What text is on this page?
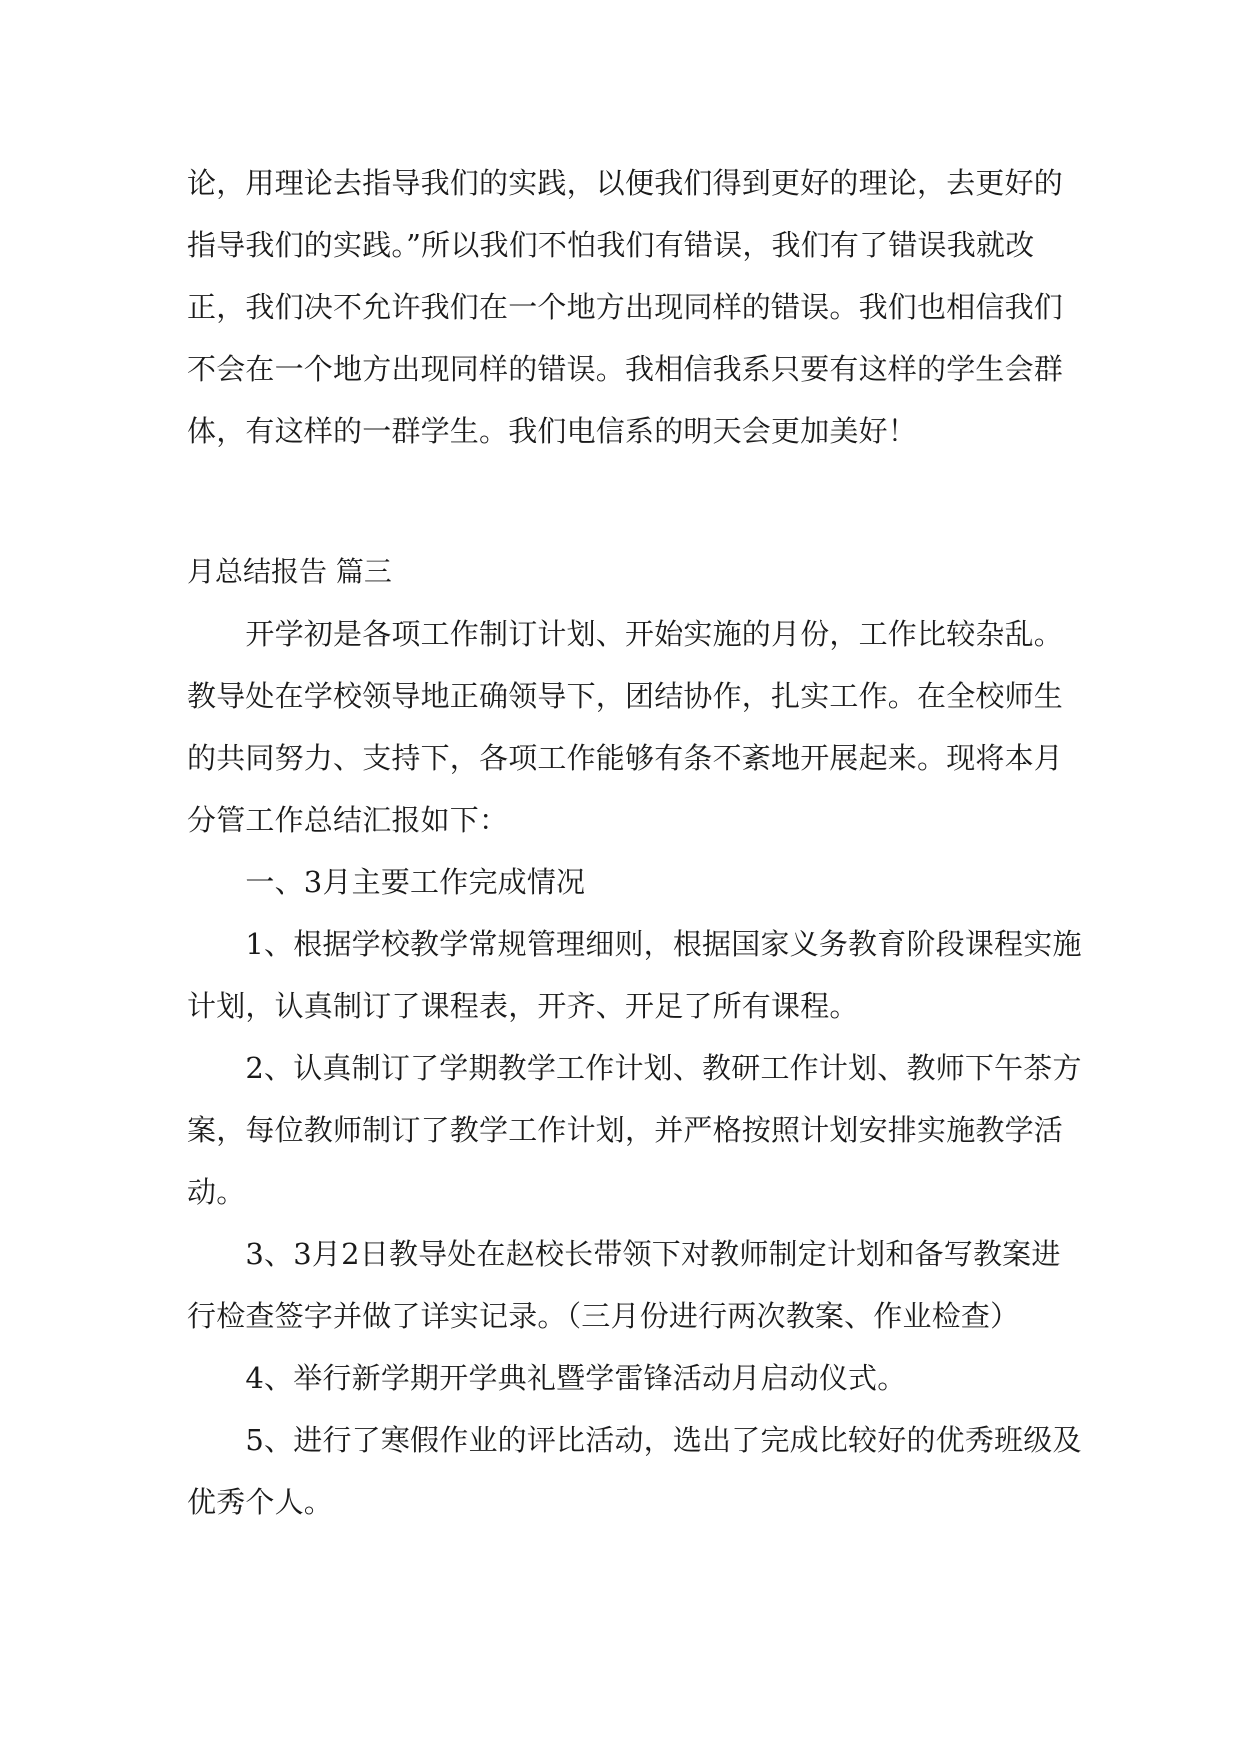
论，用理论去指导我们的实践，以便我们得到更好的理论，去更好的
指导我们的实践。”所以我们不怕我们有错误，我们有了错误我就改
正，我们决不允许我们在一个地方出现同样的错误。我们也相信我们
不会在一个地方出现同样的错误。我相信我系只要有这样的学生会群
体，有这样的一群学生。我们电信系的明天会更加美好！
月总结报告 篇三
　　开学初是各项工作制订计划、开始实施的月份，工作比较杂乱。
教导处在学校领导地正确领导下，团结协作，扎实工作。在全校师生
的共同努力、支持下，各项工作能够有条不紊地开展起来。现将本月
分管工作总结汇报如下：
　　一、3月主要工作完成情况
　　1、根据学校教学常规管理细则，根据国家义务教育阶段课程实施
计划，认真制订了课程表，开齐、开足了所有课程。
　　2、认真制订了学期教学工作计划、教研工作计划、教师下午茶方
案，每位教师制订了教学工作计划，并严格按照计划安排实施教学活
动。
　　3、3月2日教导处在赵校长带领下对教师制定计划和备写教案进
行检查签字并做了详实记录。（三月份进行两次教案、作业检查）
　　4、举行新学期开学典礼暨学雷锋活动月启动仪式。
　　5、进行了寒假作业的评比活动，选出了完成比较好的优秀班级及
优秀个人。
